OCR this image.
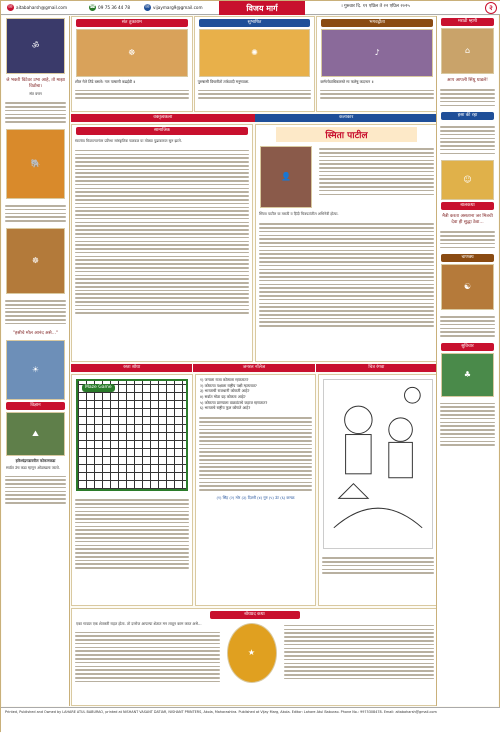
✉ aitabaharsh@gmail.com	☎ 09 75 36 44 78	✉ vijaymarg9@gmail.com	विजय मार्ग	। गुरुवार दि. १९ एप्रिल ते २२ एप्रिल २०२५	२
ॐ
जे भक्ती विटेवर उभा आहे, तो माझा विठोबा।
संत वचन
🐘
☸
"हसीचे मोल आनंद असे..."
☀
विज्ञान
⛰
हरिश्चंद्रगडावरील कोकणकडा
सर्वात उंच कडा म्हणून ओळखला जातो.
संत तुकाराम
☸
शील गेले तिंडे बसले। गण पाषाणी कढईवी ॥
सुभाषित
✺
पुरुषासी विचारीतो तर्कवादी मनुष्याला.
भगवद्गीता
♪
कर्मण्येवाधिकारस्ते मा फलेषु कदाचन ॥
वक्तृत्वकला	कलाकार
सामाजिक
स्वातंत्र्य मिळाल्यानंतर प्रतिभा सांस्कृतिक चळवळ या मोठ्या पुढाकारात सुरु झाले.	स्मिता पाटील
👤
स्मिता पाटील या मराठी व हिंदी चित्रपटांतील अभिनेत्री होत्या.
रस्ता शोधा	जनरल नॉलेज	चित्र रंगवा
Maze Game
१) जगाला राजा कोणाला म्हणतात?
२) कोणत्या पक्षाला राष्ट्रीय पक्षी म्हणतात?
३) भारताची राजधानी कोणती आहे?
४) सर्वात मोठा ग्रह कोणता आहे?
५) कोणत्या प्राण्याला वाळवंटाचे जहाज म्हणतात?
६) भारताचे राष्ट्रीय फूल कोणते आहे?
(१) सिंह (२) मोर (३) दिल्ली (४) गुरु (५) उंट (६) कमळ
बोधप्रद कथा
एका गावात एक शेतकरी राहत होता. तो दररोज आपल्या शेतात मन लावून काम करत असे...
★
मराठी म्हणी
⌂
आप आपली सिंधु धाडले!
हसा की रहा
☺
बालकथा
मैत्री करता असताना जर मित्रची देवा ही सुद्धा ठेवा...
चाणक्य
☯
सुविचार
♣
Printed, Published and Owned by LAHARE ATUL BABURAO, printed at NISHANT VASANT DATIAR, NISHANT PRINTERS, Akola, Maharashtra. Published at Vijay Marg, Akola. Editor: Lahare Atul Baburao. Phone No.: 9975308478. Email: aitabaharsh@gmail.com
